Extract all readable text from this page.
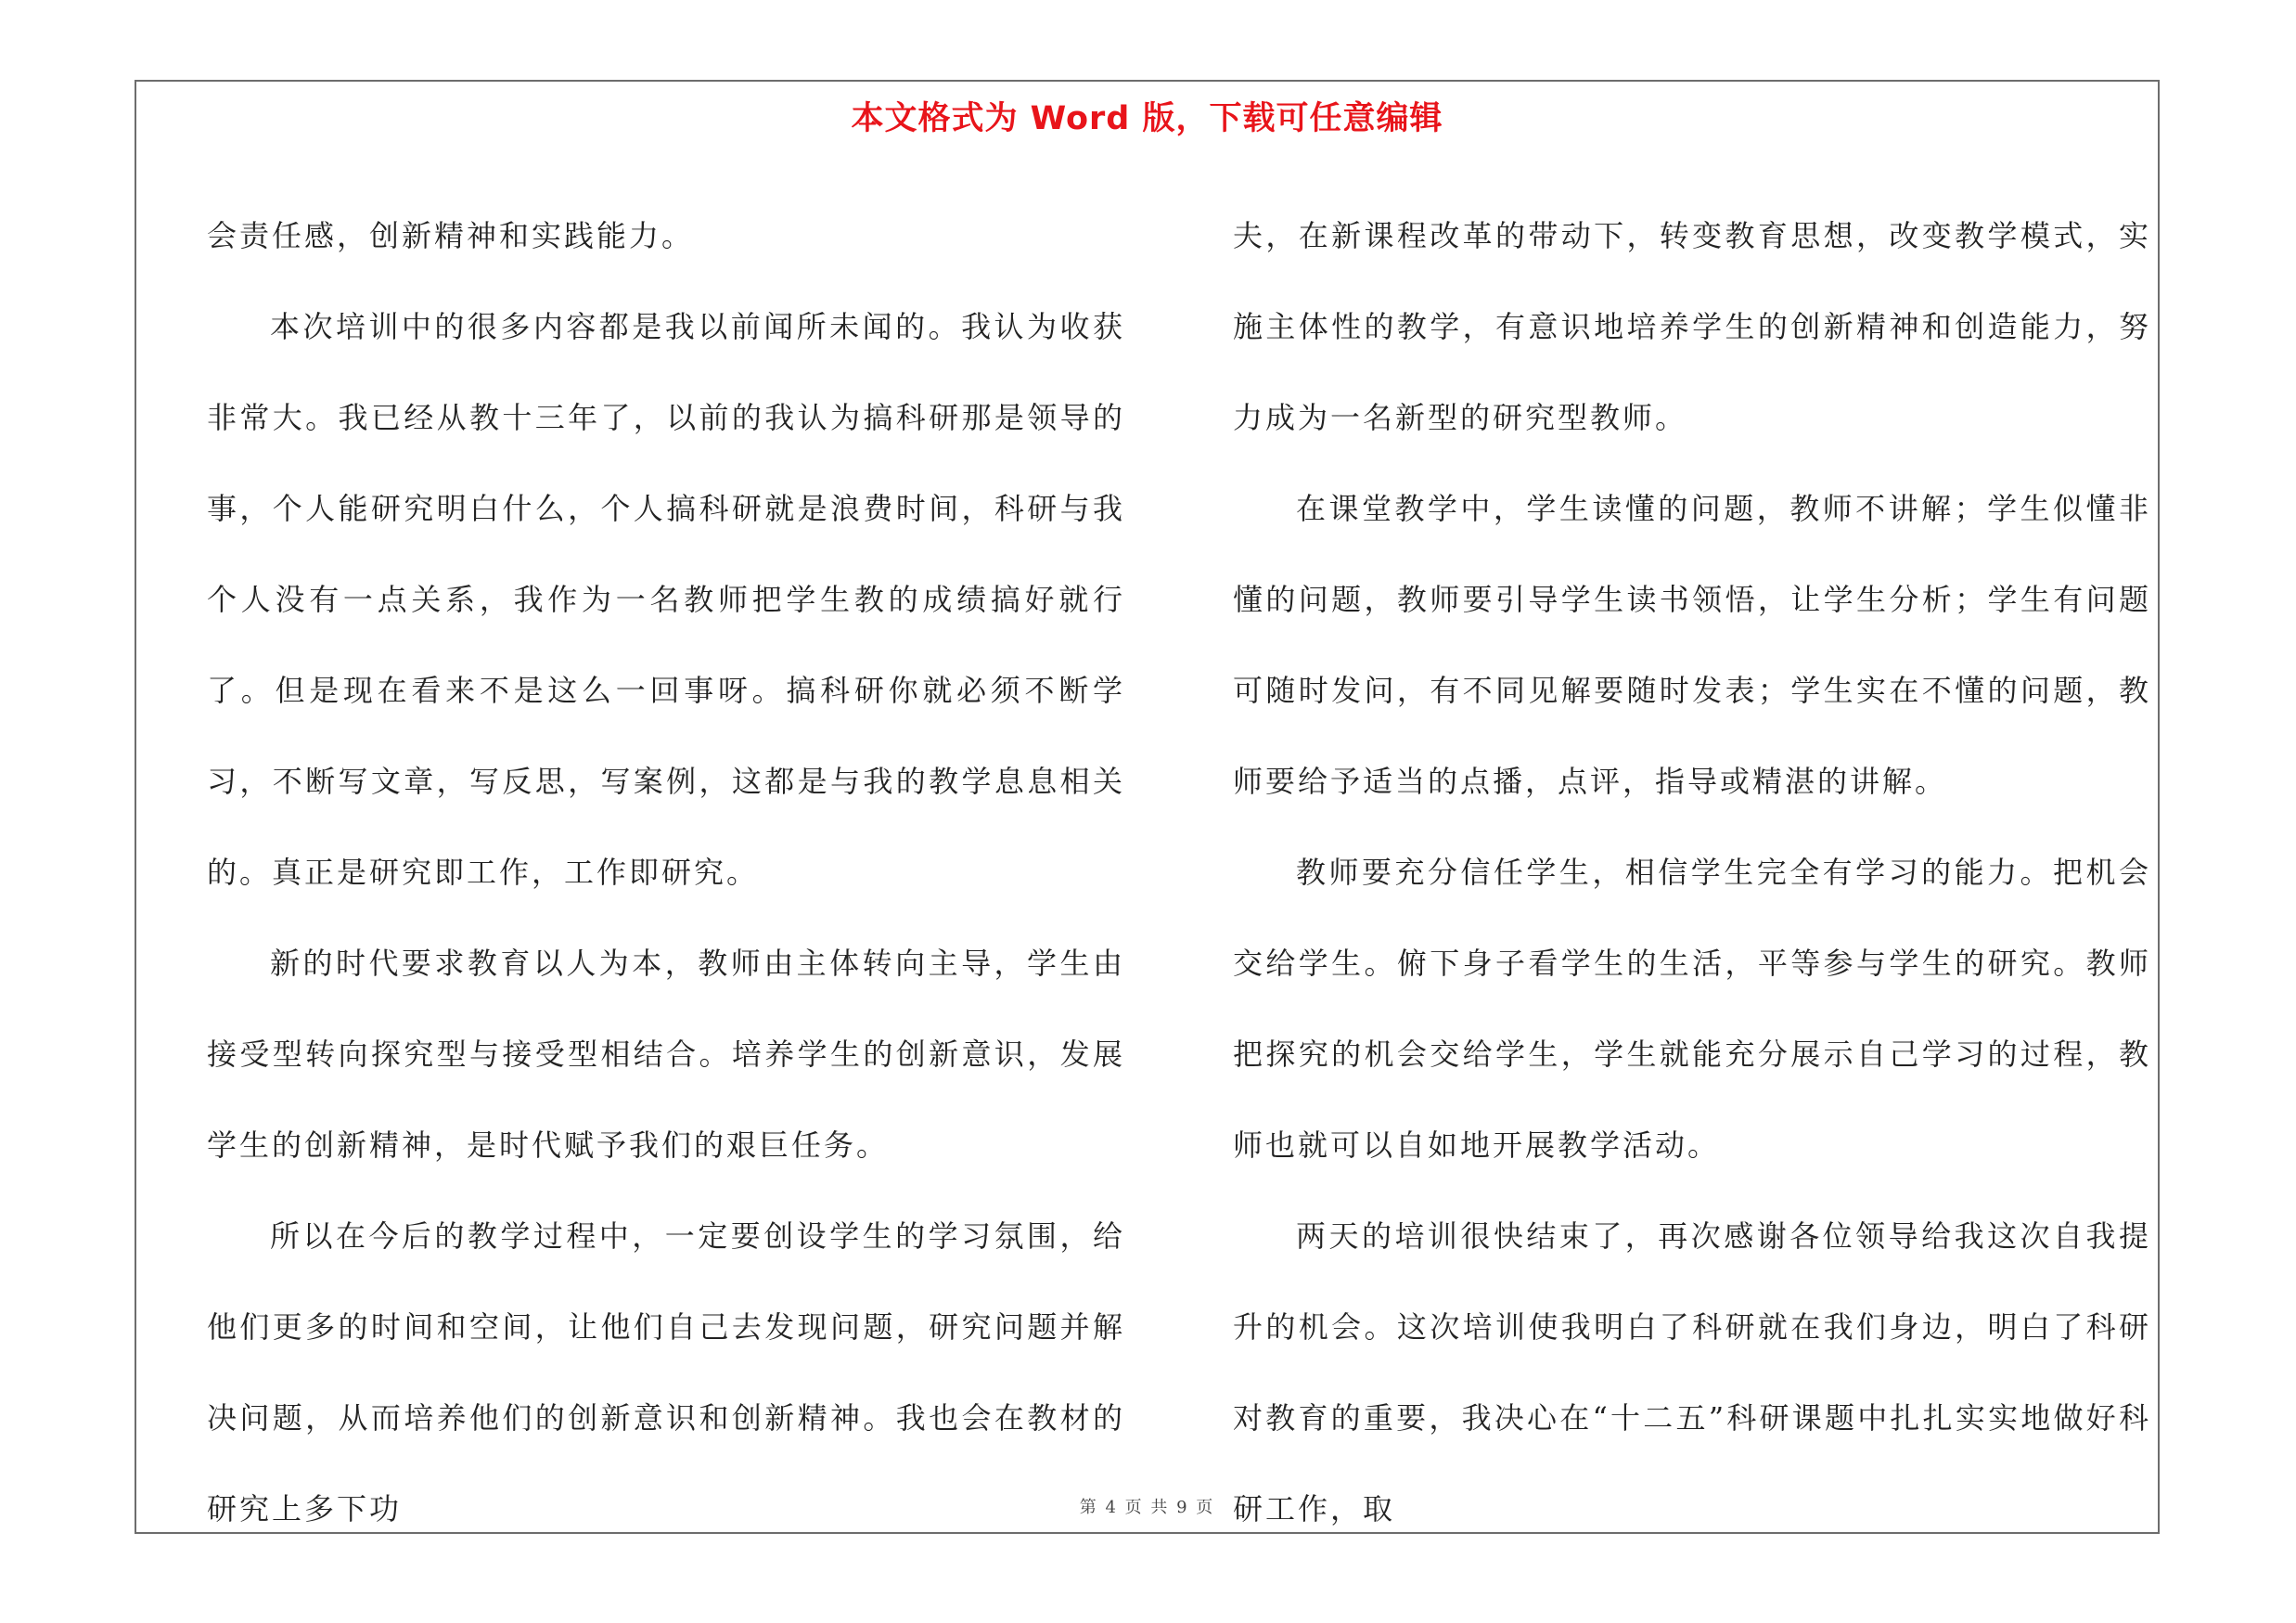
本文格式为 Word 版，下载可任意编辑

会责任感，创新精神和实践能力。

本次培训中的很多内容都是我以前闻所未闻的。我认为收获非常大。我已经从教十三年了，以前的我认为搞科研那是领导的事，个人能研究明白什么，个人搞科研就是浪费时间，科研与我个人没有一点关系，我作为一名教师把学生教的成绩搞好就行了。但是现在看来不是这么一回事呀。搞科研你就必须不断学习，不断写文章，写反思，写案例，这都是与我的教学息息相关的。真正是研究即工作，工作即研究。

新的时代要求教育以人为本，教师由主体转向主导，学生由接受型转向探究型与接受型相结合。培养学生的创新意识，发展学生的创新精神，是时代赋予我们的艰巨任务。

所以在今后的教学过程中，一定要创设学生的学习氛围，给他们更多的时间和空间，让他们自己去发现问题，研究问题并解决问题，从而培养他们的创新意识和创新精神。我也会在教材的研究上多下功

夫，在新课程改革的带动下，转变教育思想，改变教学模式，实施主体性的教学，有意识地培养学生的创新精神和创造能力，努力成为一名新型的研究型教师。

在课堂教学中，学生读懂的问题，教师不讲解；学生似懂非懂的问题，教师要引导学生读书领悟，让学生分析；学生有问题可随时发问，有不同见解要随时发表；学生实在不懂的问题，教师要给予适当的点播，点评，指导或精湛的讲解。

教师要充分信任学生，相信学生完全有学习的能力。把机会交给学生。俯下身子看学生的生活，平等参与学生的研究。教师把探究的机会交给学生，学生就能充分展示自己学习的过程，教师也就可以自如地开展教学活动。

两天的培训很快结束了，再次感谢各位领导给我这次自我提升的机会。这次培训使我明白了科研就在我们身边，明白了科研对教育的重要，我决心在“十二五”科研课题中扎扎实实地做好科研工作，取

第 4 页 共 9 页
